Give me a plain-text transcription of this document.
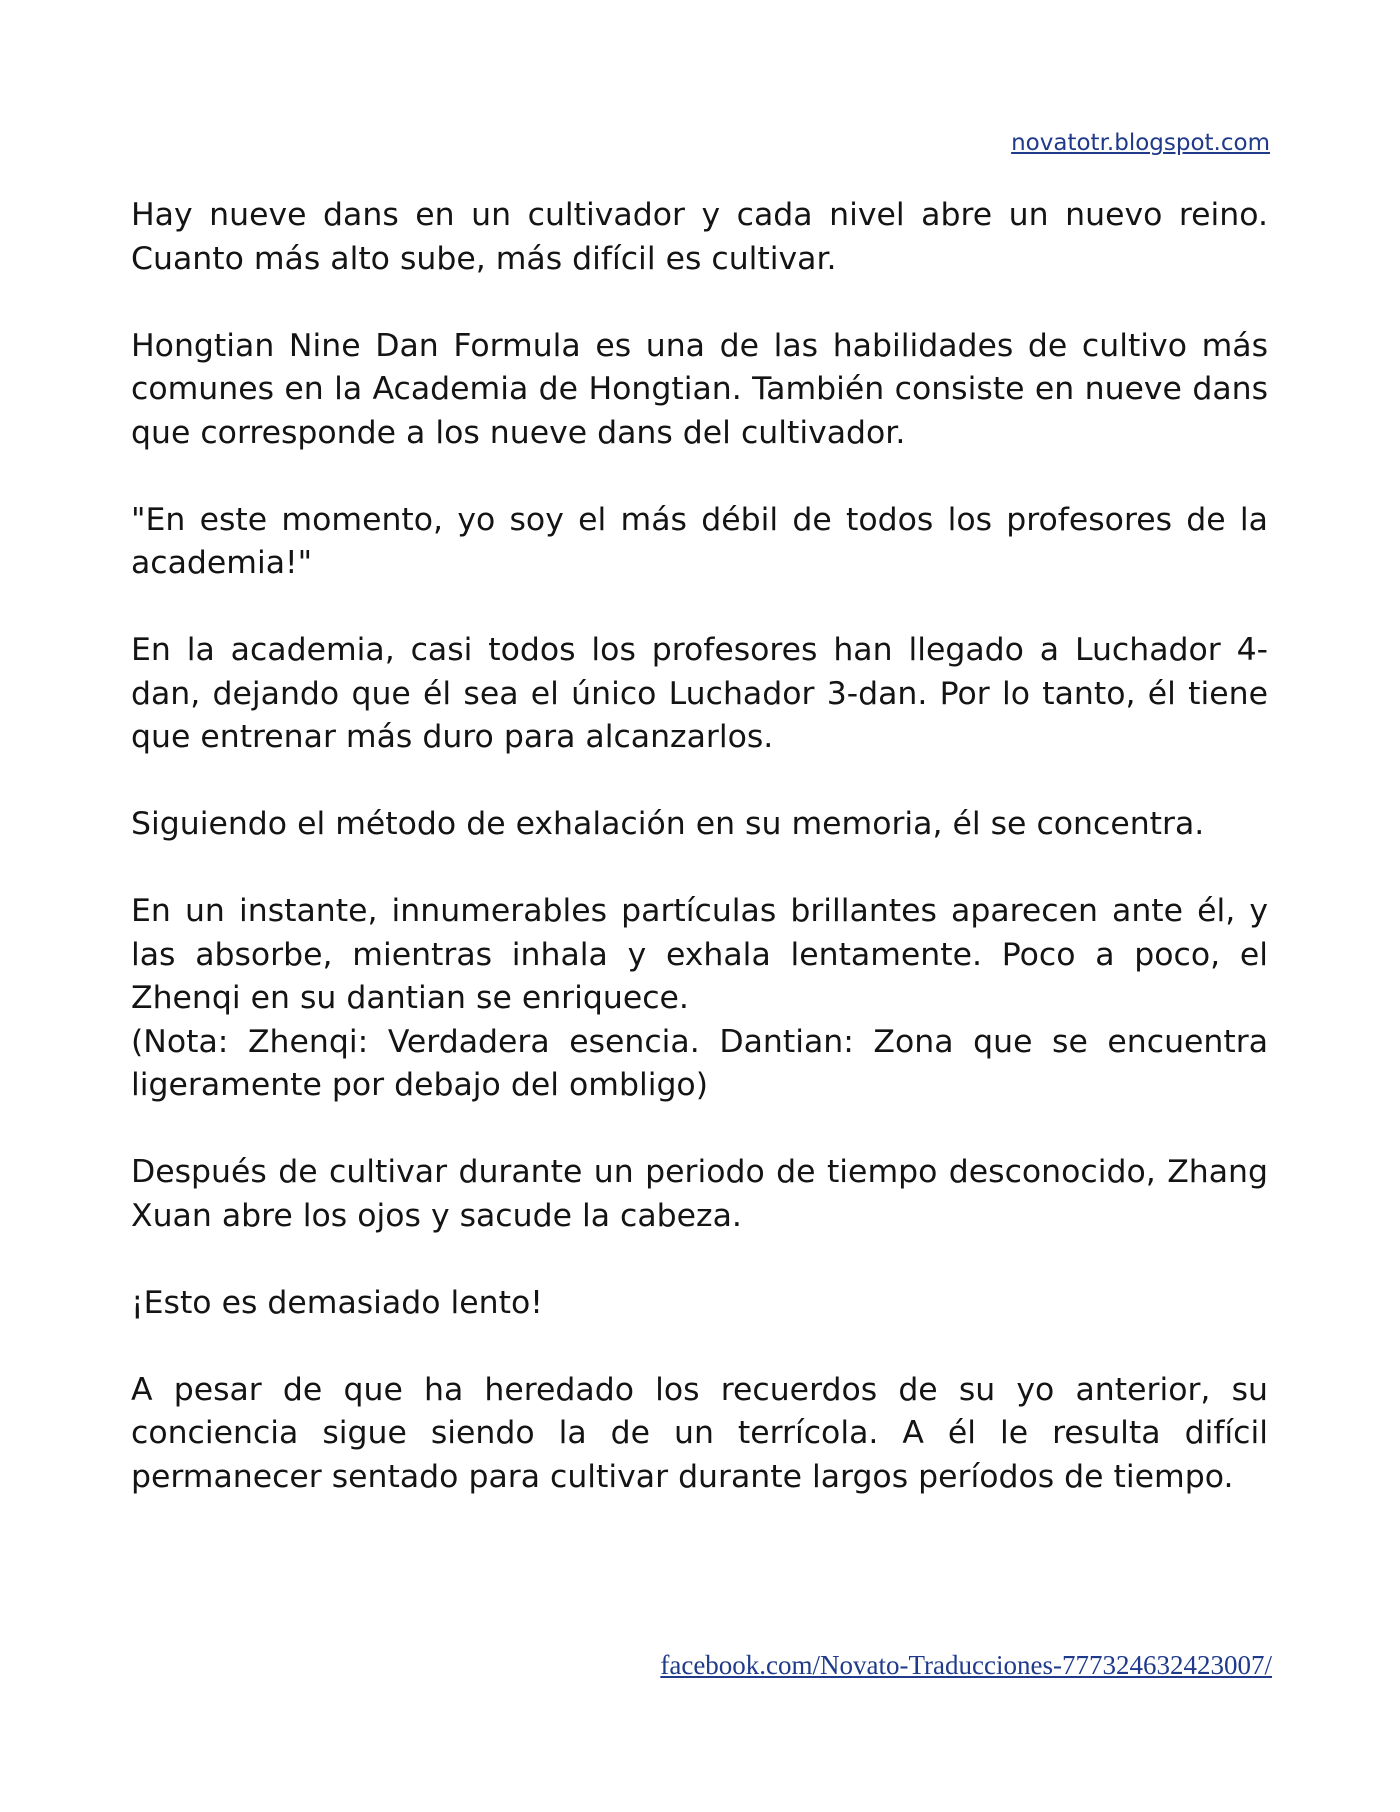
novatotr.blogspot.com

Hay nueve dans en un cultivador y cada nivel abre un nuevo reino. Cuanto más alto sube, más difícil es cultivar.

Hongtian Nine Dan Formula es una de las habilidades de cultivo más comunes en la Academia de Hongtian. También consiste en nueve dans que corresponde a los nueve dans del cultivador.

"En este momento, yo soy el más débil de todos los profesores de la academia!"

En la academia, casi todos los profesores han llegado a Luchador 4-dan, dejando que él sea el único Luchador 3-dan. Por lo tanto, él tiene que entrenar más duro para alcanzarlos.

Siguiendo el método de exhalación en su memoria, él se concentra.

En un instante, innumerables partículas brillantes aparecen ante él, y las absorbe, mientras inhala y exhala lentamente. Poco a poco, el Zhenqi en su dantian se enriquece.

(Nota: Zhenqi: Verdadera esencia. Dantian: Zona que se encuentra ligeramente por debajo del ombligo)

Después de cultivar durante un periodo de tiempo desconocido, Zhang Xuan abre los ojos y sacude la cabeza.

¡Esto es demasiado lento!

A pesar de que ha heredado los recuerdos de su yo anterior, su conciencia sigue siendo la de un terrícola. A él le resulta difícil permanecer sentado para cultivar durante largos períodos de tiempo.

facebook.com/Novato-Traducciones-777324632423007/
